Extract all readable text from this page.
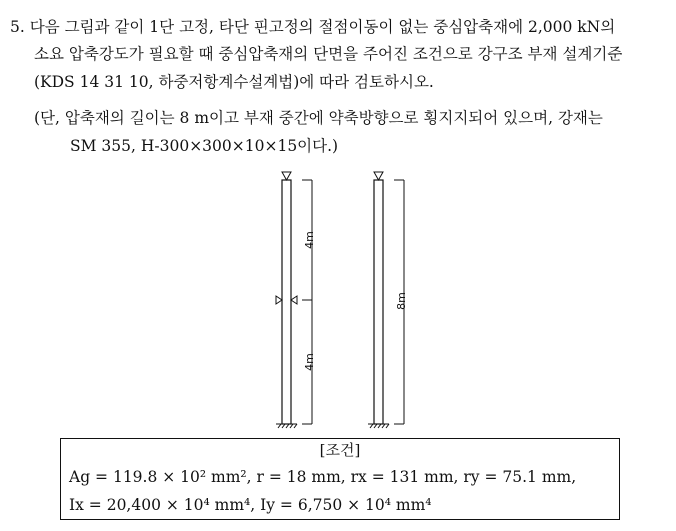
5. 다음 그림과 같이 1단 고정, 타단 핀고정의 절점이동이 없는 중심압축재에 2,000 kN의
소요 압축강도가 필요할 때 중심압축재의 단면을 주어진 조건으로 강구조 부재 설계기준
(KDS 14 31 10, 하중저항계수설계법)에 따라 검토하시오.
(단, 압축재의 길이는 8 m이고 부재 중간에 약축방향으로 횡지지되어 있으며, 강재는
SM 355, H-300×300×10×15이다.)
4m
4m
8m
[조건]
Ag = 119.8 × 10² mm², r = 18 mm, rx = 131 mm, ry = 75.1 mm,
Ix = 20,400 × 10⁴ mm⁴, Iy = 6,750 × 10⁴ mm⁴
